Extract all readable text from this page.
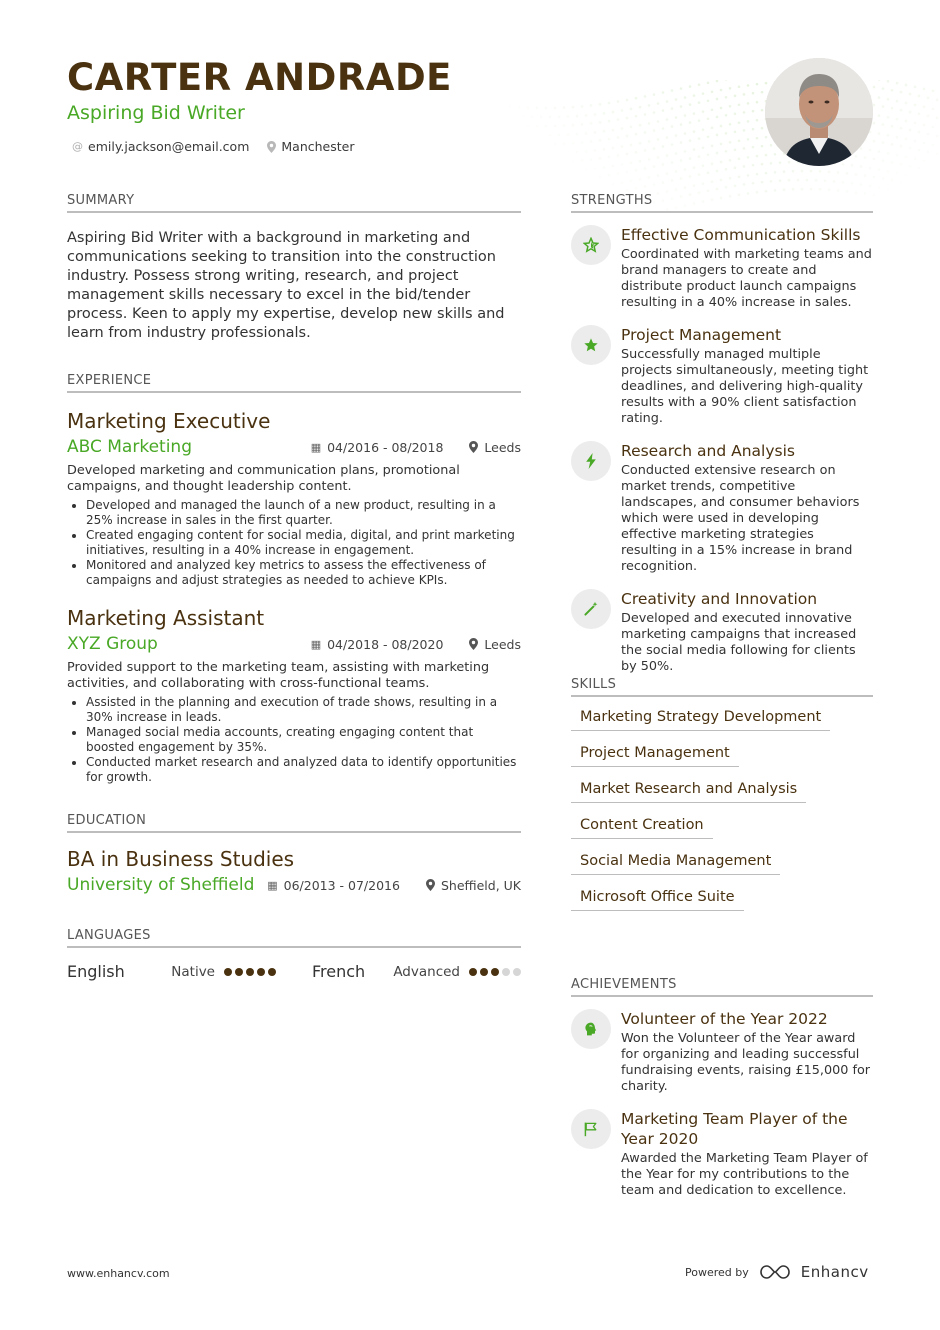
CARTER ANDRADE
Aspiring Bid Writer
@ emily.jackson@email.com	Manchester
SUMMARY
Aspiring Bid Writer with a background in marketing and communications seeking to transition into the construction industry. Possess strong writing, research, and project management skills necessary to excel in the bid/tender process. Keen to apply my expertise, develop new skills and learn from industry professionals.
EXPERIENCE
Marketing Executive
ABC Marketing	▦ 04/2016 - 08/2018	Leeds
Developed marketing and communication plans, promotional campaigns, and thought leadership content.
• Developed and managed the launch of a new product, resulting in a 25% increase in sales in the first quarter.
• Created engaging content for social media, digital, and print marketing initiatives, resulting in a 40% increase in engagement.
• Monitored and analyzed key metrics to assess the effectiveness of campaigns and adjust strategies as needed to achieve KPIs.
Marketing Assistant
XYZ Group	▦ 04/2018 - 08/2020	Leeds
Provided support to the marketing team, assisting with marketing activities, and collaborating with cross-functional teams.
• Assisted in the planning and execution of trade shows, resulting in a 30% increase in leads.
• Managed social media accounts, creating engaging content that boosted engagement by 35%.
• Conducted market research and analyzed data to identify opportunities for growth.
EDUCATION
BA in Business Studies
University of Sheffield	▦ 06/2013 - 07/2016	Sheffield, UK
LANGUAGES
English	Native	French Advanced
STRENGTHS
Effective Communication Skills
Coordinated with marketing teams and brand managers to create and distribute product launch campaigns resulting in a 40% increase in sales.
Project Management
Successfully managed multiple projects simultaneously, meeting tight deadlines, and delivering high-quality results with a 90% client satisfaction rating.
Research and Analysis
Conducted extensive research on market trends, competitive landscapes, and consumer behaviors which were used in developing effective marketing strategies resulting in a 15% increase in brand recognition.
Creativity and Innovation
Developed and executed innovative marketing campaigns that increased the social media following for clients by 50%.
SKILLS
Marketing Strategy Development
Project Management
Market Research and Analysis
Content Creation
Social Media Management
Microsoft Office Suite
ACHIEVEMENTS
Volunteer of the Year 2022
Won the Volunteer of the Year award for organizing and leading successful fundraising events, raising £15,000 for charity.
Marketing Team Player of the Year 2020
Awarded the Marketing Team Player of the Year for my contributions to the team and dedication to excellence.
www.enhancv.com	Powered by	Enhancv
